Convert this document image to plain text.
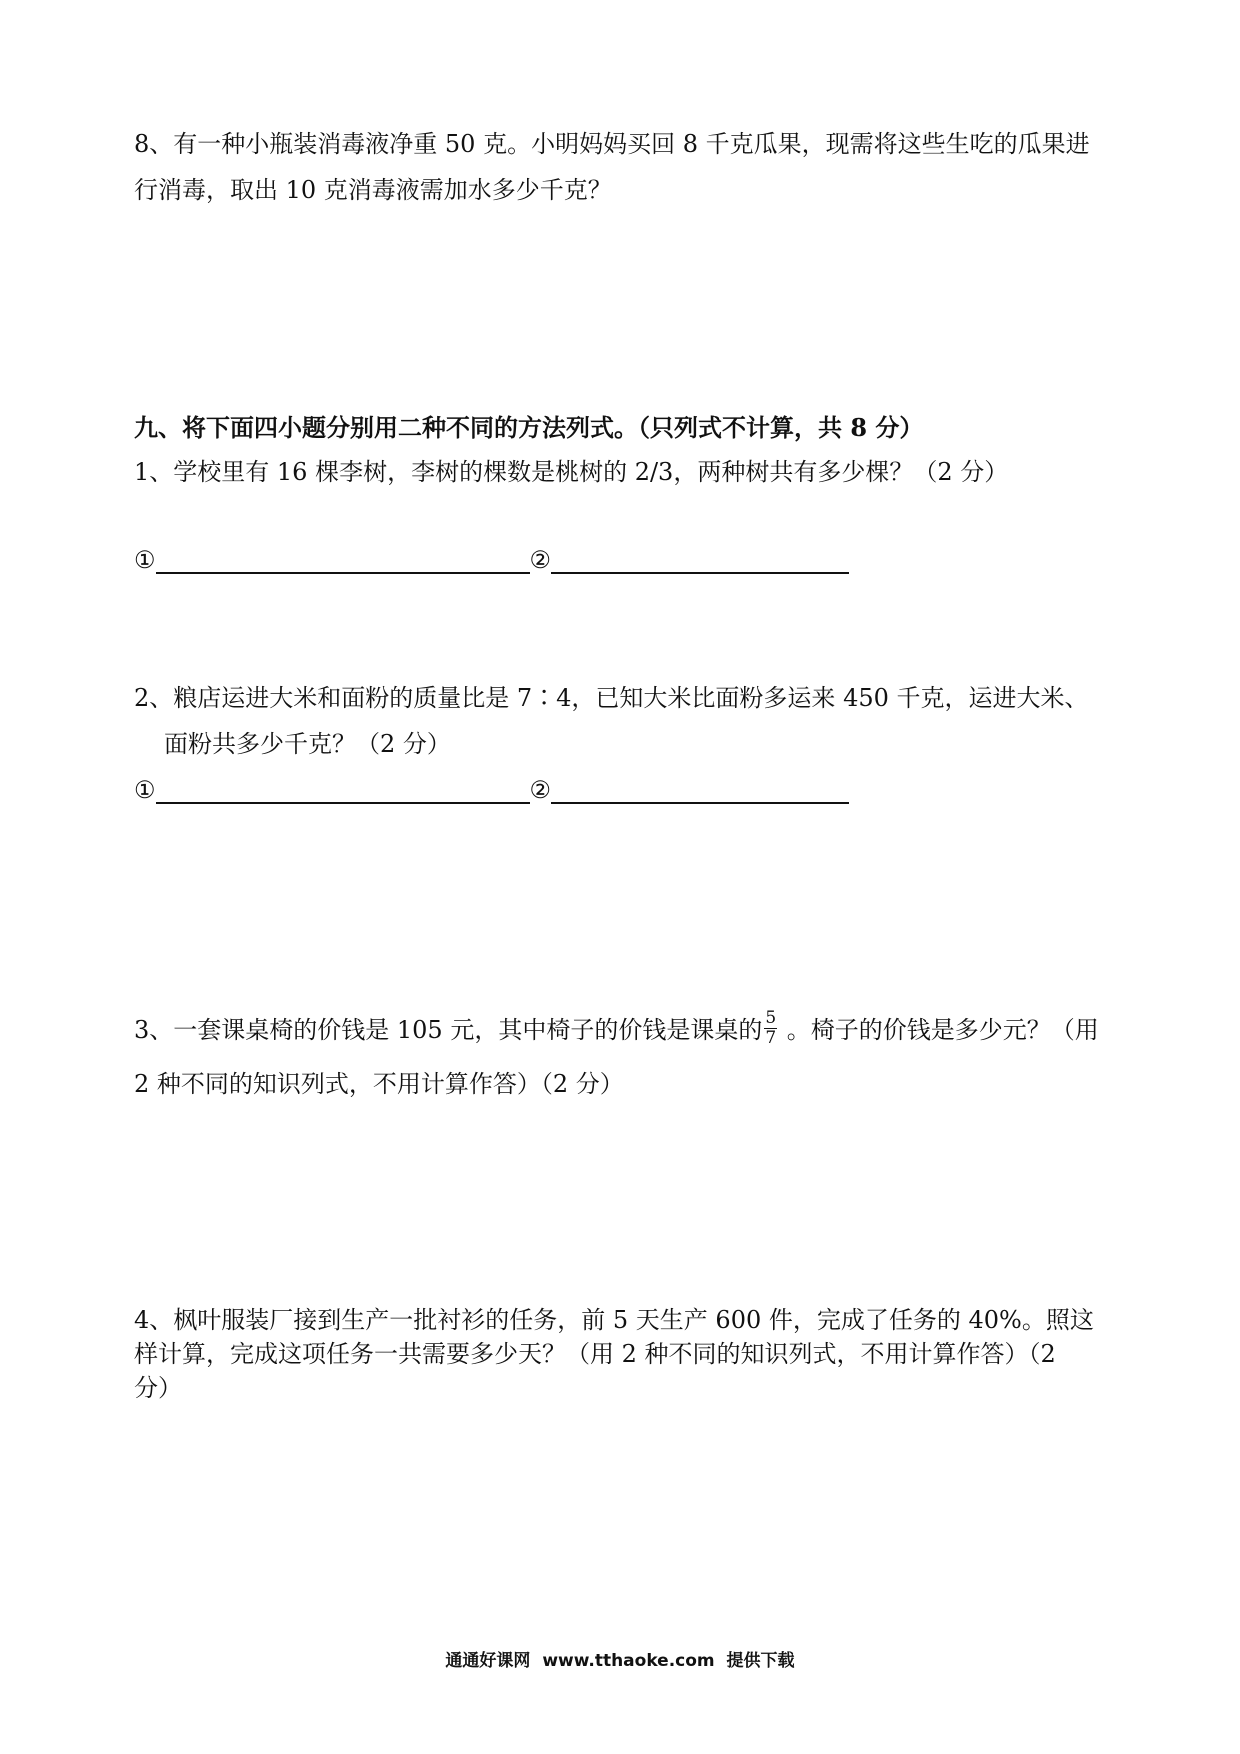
8、有一种小瓶装消毒液净重 50 克。小明妈妈买回 8 千克瓜果，现需将这些生吃的瓜果进
行消毒，取出 10 克消毒液需加水多少千克？
九、将下面四小题分别用二种不同的方法列式。（只列式不计算，共 8 分）
1、学校里有 16 棵李树，李树的棵数是桃树的 2/3，两种树共有多少棵？（2 分）
①	②
2、粮店运进大米和面粉的质量比是 7∶4，已知大米比面粉多运来 450 千克，运进大米、
面粉共多少千克？（2 分）
①	②
3、一套课桌椅的价钱是 105 元，其中椅子的价钱是课桌的 $\frac{5}{7}$ 。椅子的价钱是多少元？（用
2 种不同的知识列式，不用计算作答）（2 分）
4、枫叶服装厂接到生产一批衬衫的任务，前 5 天生产 600 件，完成了任务的 40%。照这
样计算，完成这项任务一共需要多少天？（用 2 种不同的知识列式，不用计算作答）（2
分）
通通好课网 www.tthaoke.com 提供下载
